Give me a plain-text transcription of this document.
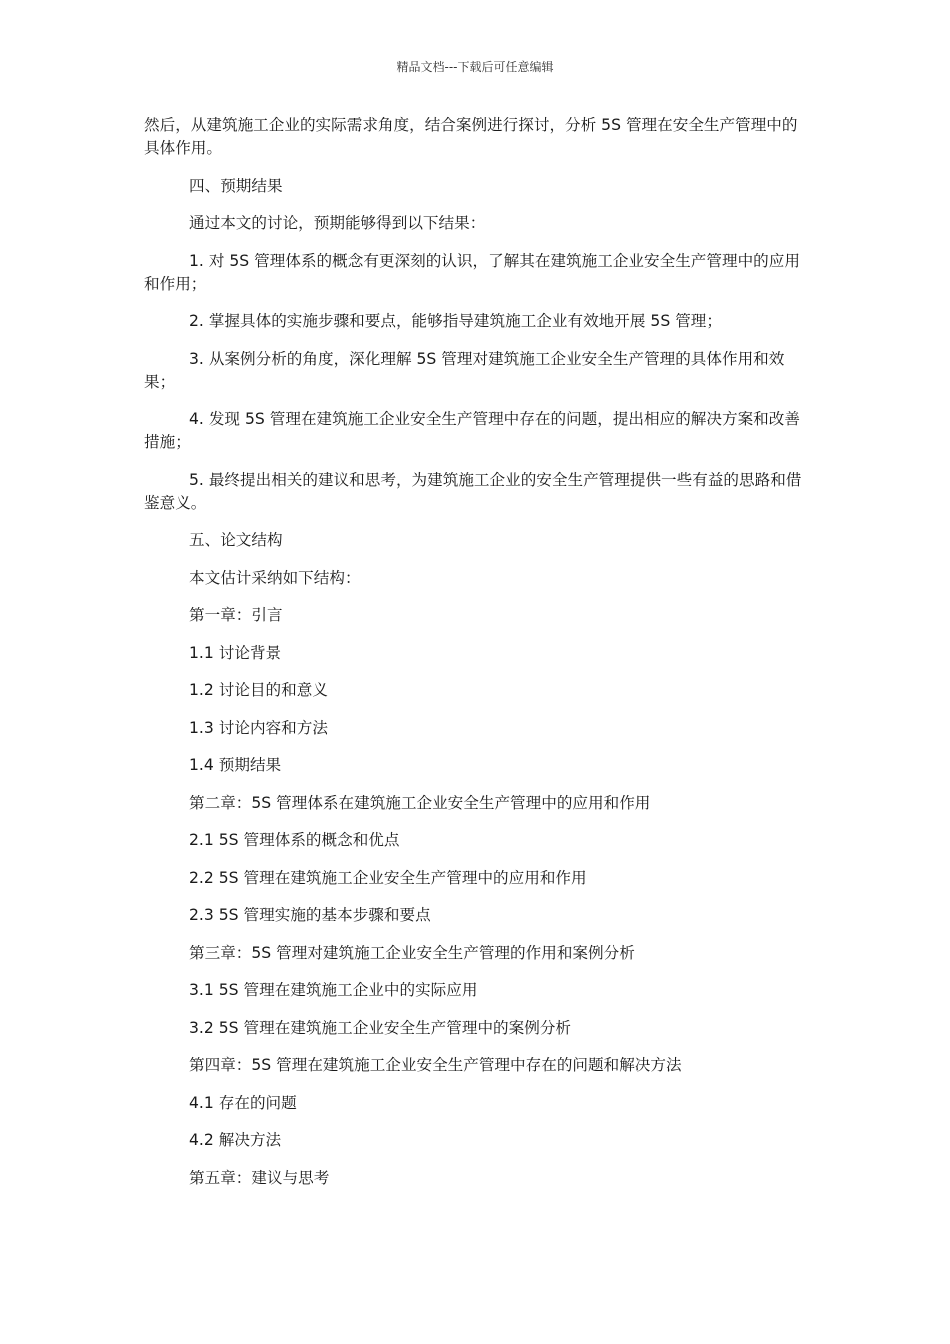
精品文档---下载后可任意编辑

然后，从建筑施工企业的实际需求角度，结合案例进行探讨，分析 5S 管理在安全生产管理中的具体作用。

四、预期结果

通过本文的讨论，预期能够得到以下结果：

1. 对 5S 管理体系的概念有更深刻的认识，了解其在建筑施工企业安全生产管理中的应用和作用；

2. 掌握具体的实施步骤和要点，能够指导建筑施工企业有效地开展 5S 管理；

3. 从案例分析的角度，深化理解 5S 管理对建筑施工企业安全生产管理的具体作用和效果；

4. 发现 5S 管理在建筑施工企业安全生产管理中存在的问题，提出相应的解决方案和改善措施；

5. 最终提出相关的建议和思考，为建筑施工企业的安全生产管理提供一些有益的思路和借鉴意义。

五、论文结构

本文估计采纳如下结构：

第一章：引言

1.1 讨论背景

1.2 讨论目的和意义

1.3 讨论内容和方法

1.4 预期结果

第二章：5S 管理体系在建筑施工企业安全生产管理中的应用和作用

2.1 5S 管理体系的概念和优点

2.2 5S 管理在建筑施工企业安全生产管理中的应用和作用

2.3 5S 管理实施的基本步骤和要点

第三章：5S 管理对建筑施工企业安全生产管理的作用和案例分析

3.1 5S 管理在建筑施工企业中的实际应用

3.2 5S 管理在建筑施工企业安全生产管理中的案例分析

第四章：5S 管理在建筑施工企业安全生产管理中存在的问题和解决方法

4.1 存在的问题

4.2 解决方法

第五章：建议与思考
